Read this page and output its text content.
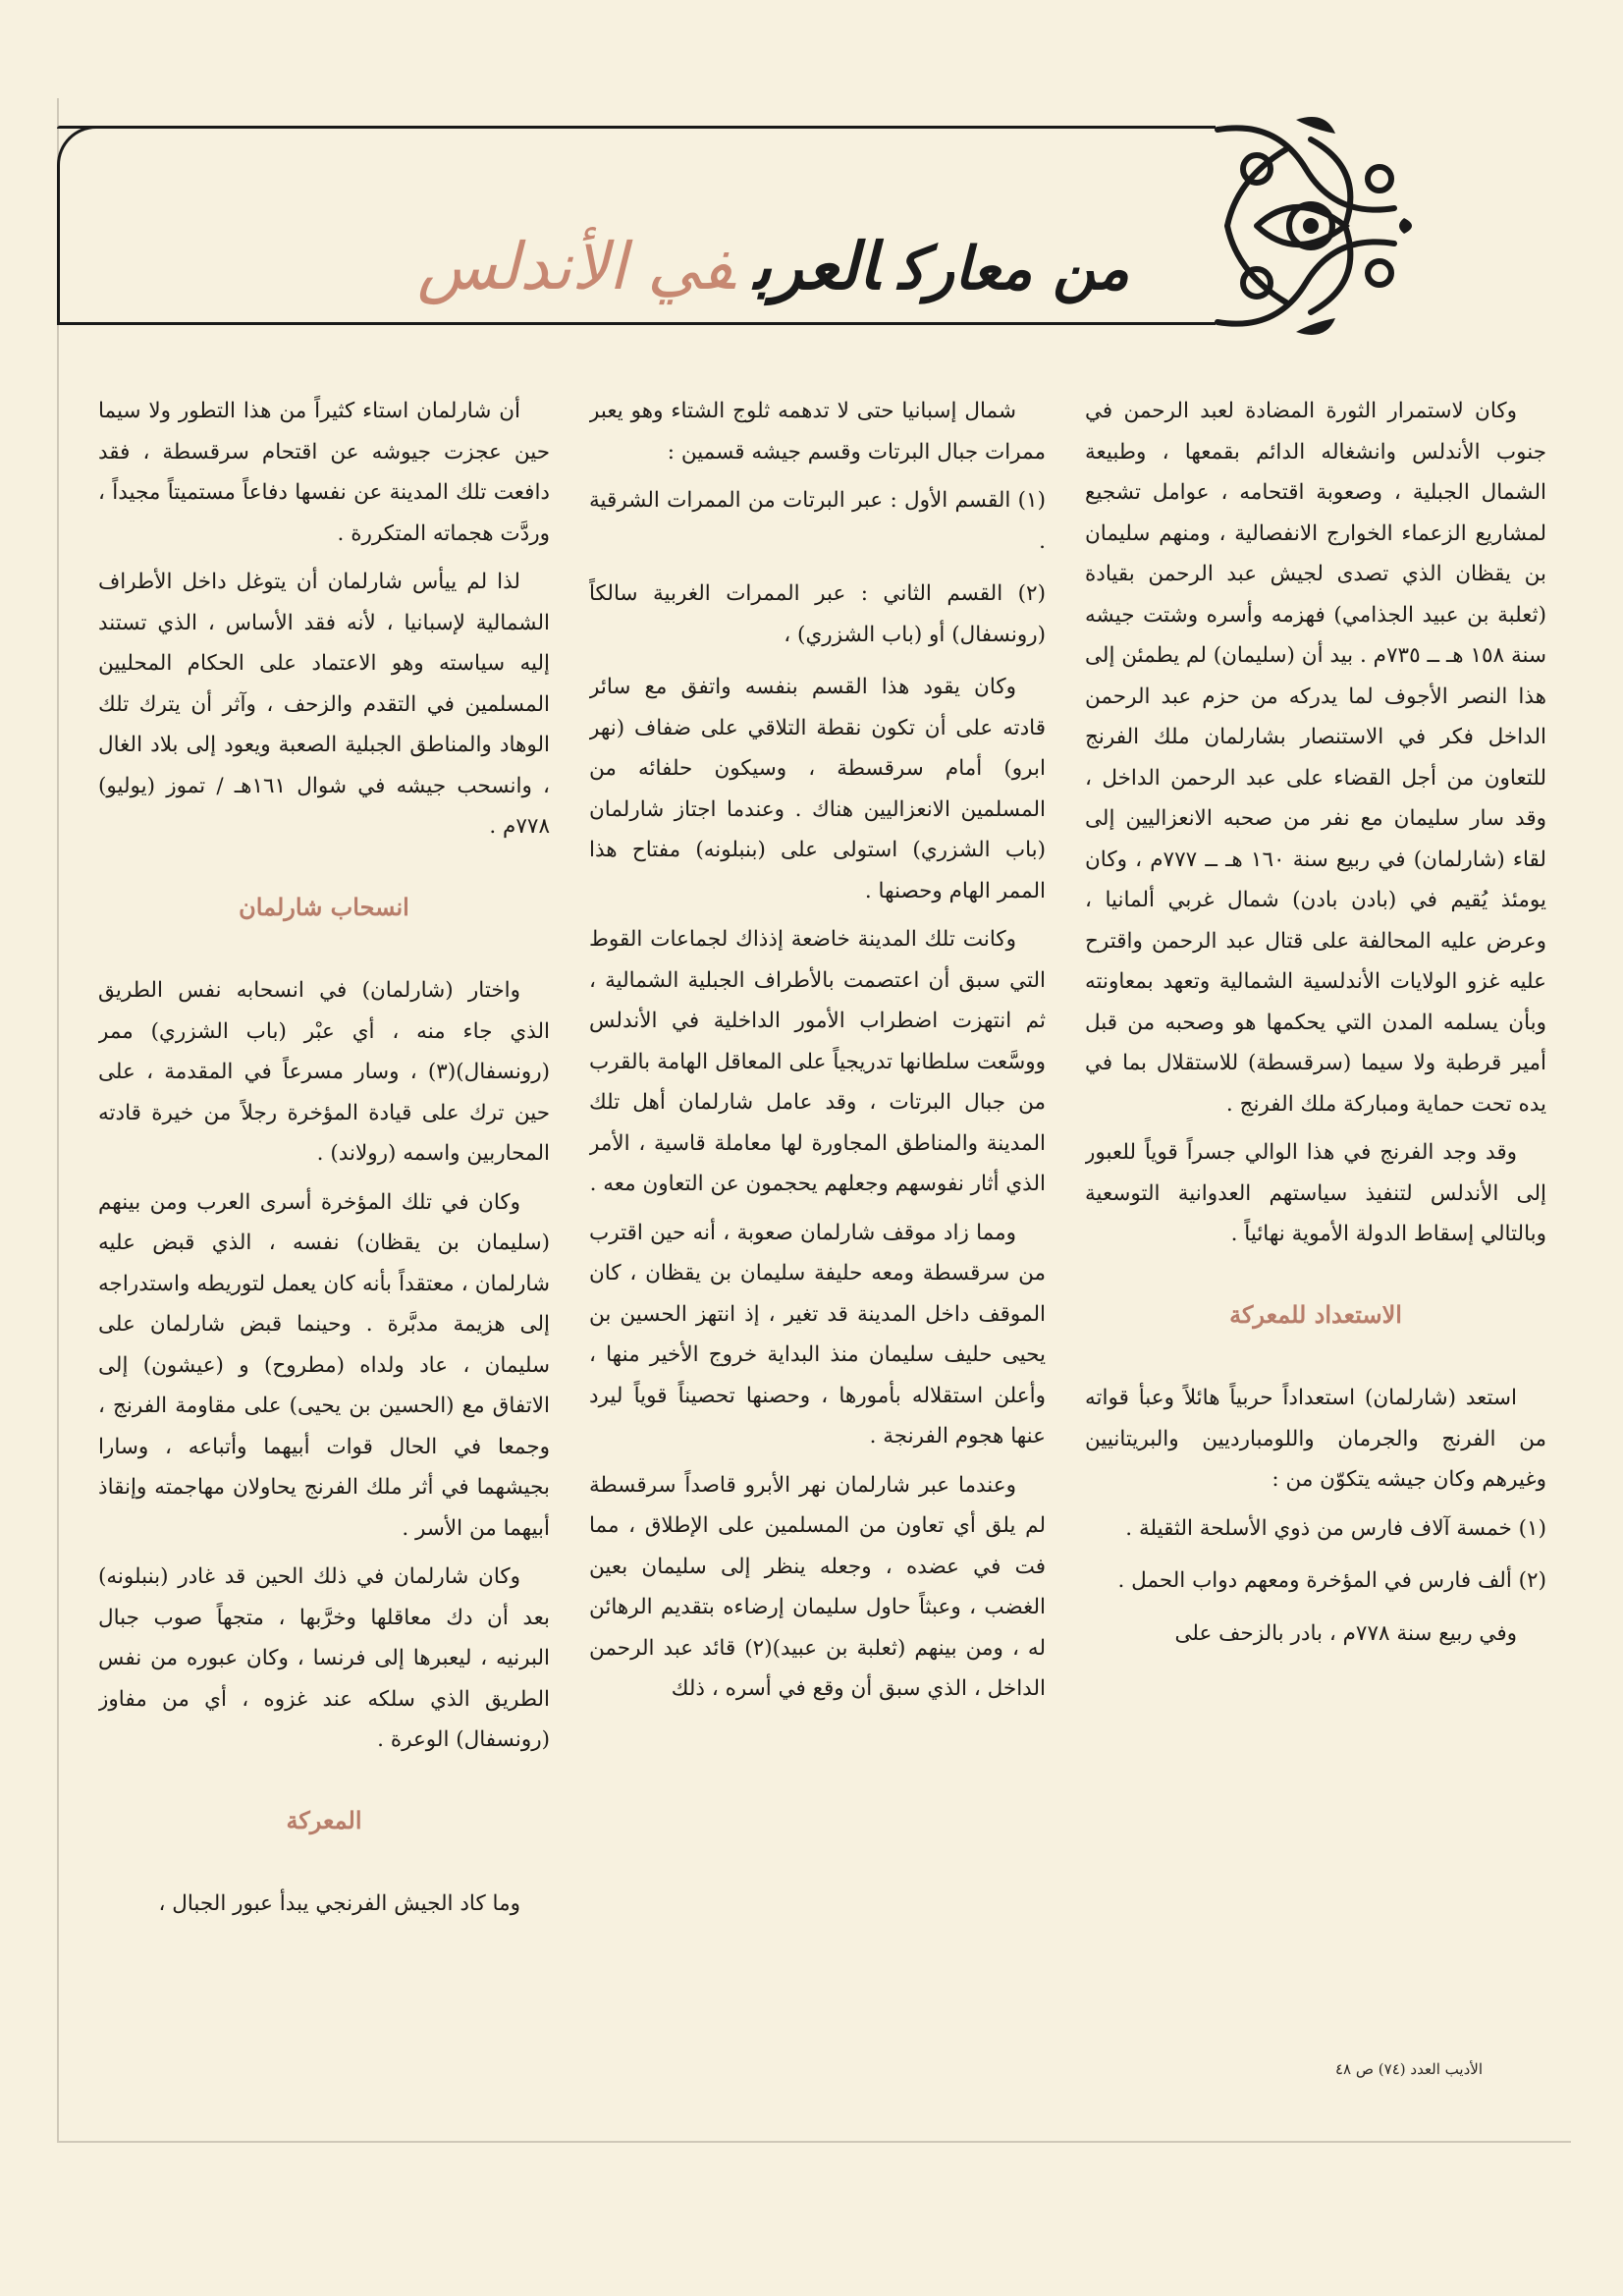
من معاركالعربفي الأندلس

وكان لاستمرار الثورة المضادة لعبد الرحمن في جنوب الأندلس وانشغاله الدائم بقمعها ، وطبيعة الشمال الجبلية ، وصعوبة اقتحامه ، عوامل تشجيع لمشاريع الزعماء الخوارج الانفصالية ، ومنهم سليمان بن يقظان الذي تصدى لجيش عبد الرحمن بقيادة (ثعلبة بن عبيد الجذامي) فهزمه وأسره وشتت جيشه سنة ١٥٨ هـ ــ ٧٣٥م . بيد أن (سليمان) لم يطمئن إلى هذا النصر الأجوف لما يدركه من حزم عبد الرحمن الداخل فكر في الاستنصار بشارلمان ملك الفرنج للتعاون من أجل القضاء على عبد الرحمن الداخل ، وقد سار سليمان مع نفر من صحبه الانعزاليين إلى لقاء (شارلمان) في ربيع سنة ١٦٠ هـ ــ ٧٧٧م ، وكان يومئذ يُقيم في (بادن بادن) شمال غربي ألمانيا ، وعرض عليه المحالفة على قتال عبد الرحمن واقترح عليه غزو الولايات الأندلسية الشمالية وتعهد بمعاونته وبأن يسلمه المدن التي يحكمها هو وصحبه من قبل أمير قرطبة ولا سيما (سرقسطة) للاستقلال بما في يده تحت حماية ومباركة ملك الفرنج .

وقد وجد الفرنج في هذا الوالي جسراً قوياً للعبور إلى الأندلس لتنفيذ سياستهم العدوانية التوسعية وبالتالي إسقاط الدولة الأموية نهائياً .

الاستعداد للمعركة

استعد (شارلمان) استعداداً حربياً هائلاً وعبأ قواته من الفرنج والجرمان واللومبارديين والبريتانيين وغيرهم وكان جيشه يتكوّن من :

(١) خمسة آلاف فارس من ذوي الأسلحة الثقيلة .

(٢) ألف فارس في المؤخرة ومعهم دواب الحمل .

وفي ربيع سنة ٧٧٨م ، بادر بالزحف على

شمال إسبانيا حتى لا تدهمه ثلوج الشتاء وهو يعبر ممرات جبال البرتات وقسم جيشه قسمين :

(١) القسم الأول : عبر البرتات من الممرات الشرقية .

(٢) القسم الثاني : عبر الممرات الغربية سالكاً (رونسفال) أو (باب الشزري) ،

وكان يقود هذا القسم بنفسه واتفق مع سائر قادته على أن تكون نقطة التلاقي على ضفاف (نهر ابرو) أمام سرقسطة ، وسيكون حلفائه من المسلمين الانعزاليين هناك . وعندما اجتاز شارلمان (باب الشزري) استولى على (بنبلونه) مفتاح هذا الممر الهام وحصنها .

وكانت تلك المدينة خاضعة إذذاك لجماعات القوط التي سبق أن اعتصمت بالأطراف الجبلية الشمالية ، ثم انتهزت اضطراب الأمور الداخلية في الأندلس ووسَّعت سلطانها تدريجياً على المعاقل الهامة بالقرب من جبال البرتات ، وقد عامل شارلمان أهل تلك المدينة والمناطق المجاورة لها معاملة قاسية ، الأمر الذي أثار نفوسهم وجعلهم يحجمون عن التعاون معه .

ومما زاد موقف شارلمان صعوبة ، أنه حين اقترب من سرقسطة ومعه حليفة سليمان بن يقظان ، كان الموقف داخل المدينة قد تغير ، إذ انتهز الحسين بن يحيى حليف سليمان منذ البداية خروج الأخير منها ، وأعلن استقلاله بأمورها ، وحصنها تحصيناً قوياً ليرد عنها هجوم الفرنجة .

وعندما عبر شارلمان نهر الأبرو قاصداً سرقسطة لم يلق أي تعاون من المسلمين على الإطلاق ، مما فت في عضده ، وجعله ينظر إلى سليمان بعين الغضب ، وعبثاً حاول سليمان إرضاءه بتقديم الرهائن له ، ومن بينهم (ثعلبة بن عبيد)(٢) قائد عبد الرحمن الداخل ، الذي سبق أن وقع في أسره ، ذلك

أن شارلمان استاء كثيراً من هذا التطور ولا سيما حين عجزت جيوشه عن اقتحام سرقسطة ، فقد دافعت تلك المدينة عن نفسها دفاعاً مستميتاً مجيداً ، وردَّت هجماته المتكررة .

لذا لم ييأس شارلمان أن يتوغل داخل الأطراف الشمالية لإسبانيا ، لأنه فقد الأساس ، الذي تستند إليه سياسته وهو الاعتماد على الحكام المحليين المسلمين في التقدم والزحف ، وآثر أن يترك تلك الوهاد والمناطق الجبلية الصعبة ويعود إلى بلاد الغال ، وانسحب جيشه في شوال ١٦١هـ / تموز (يوليو) ٧٧٨م .

انسحاب شارلمان

واختار (شارلمان) في انسحابه نفس الطريق الذي جاء منه ، أي عبْر (باب الشزري) ممر (رونسفال)(٣) ، وسار مسرعاً في المقدمة ، على حين ترك على قيادة المؤخرة رجلاً من خيرة قادته المحاربين واسمه (رولاند) .

وكان في تلك المؤخرة أسرى العرب ومن بينهم (سليمان بن يقظان) نفسه ، الذي قبض عليه شارلمان ، معتقداً بأنه كان يعمل لتوريطه واستدراجه إلى هزيمة مدبَّرة . وحينما قبض شارلمان على سليمان ، عاد ولداه (مطروح) و (عيشون) إلى الاتفاق مع (الحسين بن يحيى) على مقاومة الفرنج ، وجمعا في الحال قوات أبيهما وأتباعه ، وسارا بجيشهما في أثر ملك الفرنج يحاولان مهاجمته وإنقاذ أبيهما من الأسر .

وكان شارلمان في ذلك الحين قد غادر (بنبلونه) بعد أن دك معاقلها وخرَّبها ، متجهاً صوب جبال البرنيه ، ليعبرها إلى فرنسا ، وكان عبوره من نفس الطريق الذي سلكه عند غزوه ، أي من مفاوز (رونسفال) الوعرة .

المعركة

وما كاد الجيش الفرنجي يبدأ عبور الجبال ،

الأديب العدد (٧٤) ص ٤٨
